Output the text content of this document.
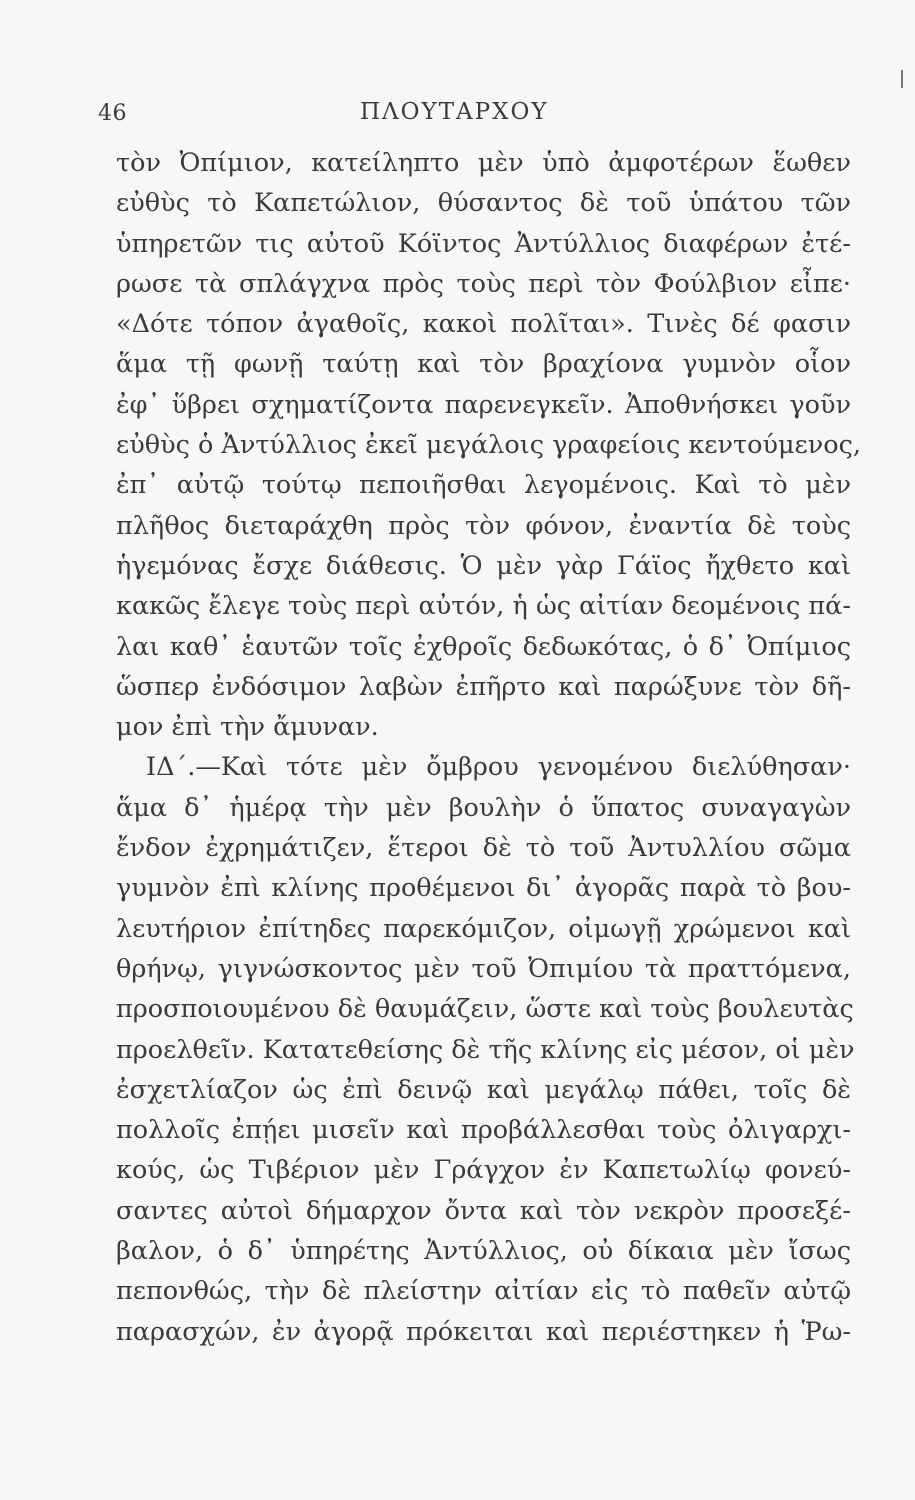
46	ΠΛΟΥΤΑΡΧΟΥ
τὸν Ὀπίμιον, κατείληπτο μὲν ὑπὸ ἀμφοτέρων ἕωθεν
εὐθὺς τὸ Καπετώλιον, θύσαντος δὲ τοῦ ὑπάτου τῶν
ὑπηρετῶν τις αὐτοῦ Κόϊντος Ἀντύλλιος διαφέρων ἐτέ-
ρωσε τὰ σπλάγχνα πρὸς τοὺς περὶ τὸν Φούλβιον εἶπε·
«Δότε τόπον ἀγαθοῖς, κακοὶ πολῖται». Τινὲς δέ φασιν
ἅμα τῇ φωνῇ ταύτῃ καὶ τὸν βραχίονα γυμνὸν οἷον
ἐφ᾿ ὕβρει σχηματίζοντα παρενεγκεῖν. Ἀποθνήσκει γοῦν
εὐθὺς ὁ Ἀντύλλιος ἐκεῖ μεγάλοις γραφείοις κεντούμενος,
ἐπ᾿ αὐτῷ τούτῳ πεποιῆσθαι λεγομένοις. Καὶ τὸ μὲν
πλῆθος διεταράχθη πρὸς τὸν φόνον, ἐναντία δὲ τοὺς
ἡγεμόνας ἔσχε διάθεσις. Ὁ μὲν γὰρ Γάϊος ἤχθετο καὶ
κακῶς ἔλεγε τοὺς περὶ αὐτόν, ἡ ὡς αἰτίαν δεομένοις πά-
λαι καθ᾿ ἑαυτῶν τοῖς ἐχθροῖς δεδωκότας, ὁ δ᾿ Ὀπίμιος
ὥσπερ ἐνδόσιμον λαβὼν ἐπῆρτο καὶ παρώξυνε τὸν δῆ-
μον ἐπὶ τὴν ἄμυναν.
ΙΔ΄.—Καὶ τότε μὲν ὄμβρου γενομένου διελύθησαν·
ἅμα δ᾿ ἡμέρᾳ τὴν μὲν βουλὴν ὁ ὕπατος συναγαγὼν
ἔνδον ἐχρημάτιζεν, ἕτεροι δὲ τὸ τοῦ Ἀντυλλίου σῶμα
γυμνὸν ἐπὶ κλίνης προθέμενοι δι᾿ ἀγορᾶς παρὰ τὸ βου-
λευτήριον ἐπίτηδες παρεκόμιζον, οἰμωγῇ χρώμενοι καὶ
θρήνῳ, γιγνώσκοντος μὲν τοῦ Ὀπιμίου τὰ πραττόμενα,
προσποιουμένου δὲ θαυμάζειν, ὥστε καὶ τοὺς βουλευτὰς
προελθεῖν. Κατατεθείσης δὲ τῆς κλίνης εἰς μέσον, οἱ μὲν
ἐσχετλίαζον ὡς ἐπὶ δεινῷ καὶ μεγάλῳ πάθει, τοῖς δὲ
πολλοῖς ἐπῄει μισεῖν καὶ προβάλλεσθαι τοὺς ὀλιγαρχι-
κούς, ὡς Τιβέριον μὲν Γράγχον ἐν Καπετωλίῳ φονεύ-
σαντες αὐτοὶ δήμαρχον ὄντα καὶ τὸν νεκρὸν προσεξέ-
βαλον, ὁ δ᾿ ὑπηρέτης Ἀντύλλιος, οὐ δίκαια μὲν ἴσως
πεπονθώς, τὴν δὲ πλείστην αἰτίαν εἰς τὸ παθεῖν αὐτῷ
παρασχών, ἐν ἀγορᾷ πρόκειται καὶ περιέστηκεν ἡ Ῥω-
